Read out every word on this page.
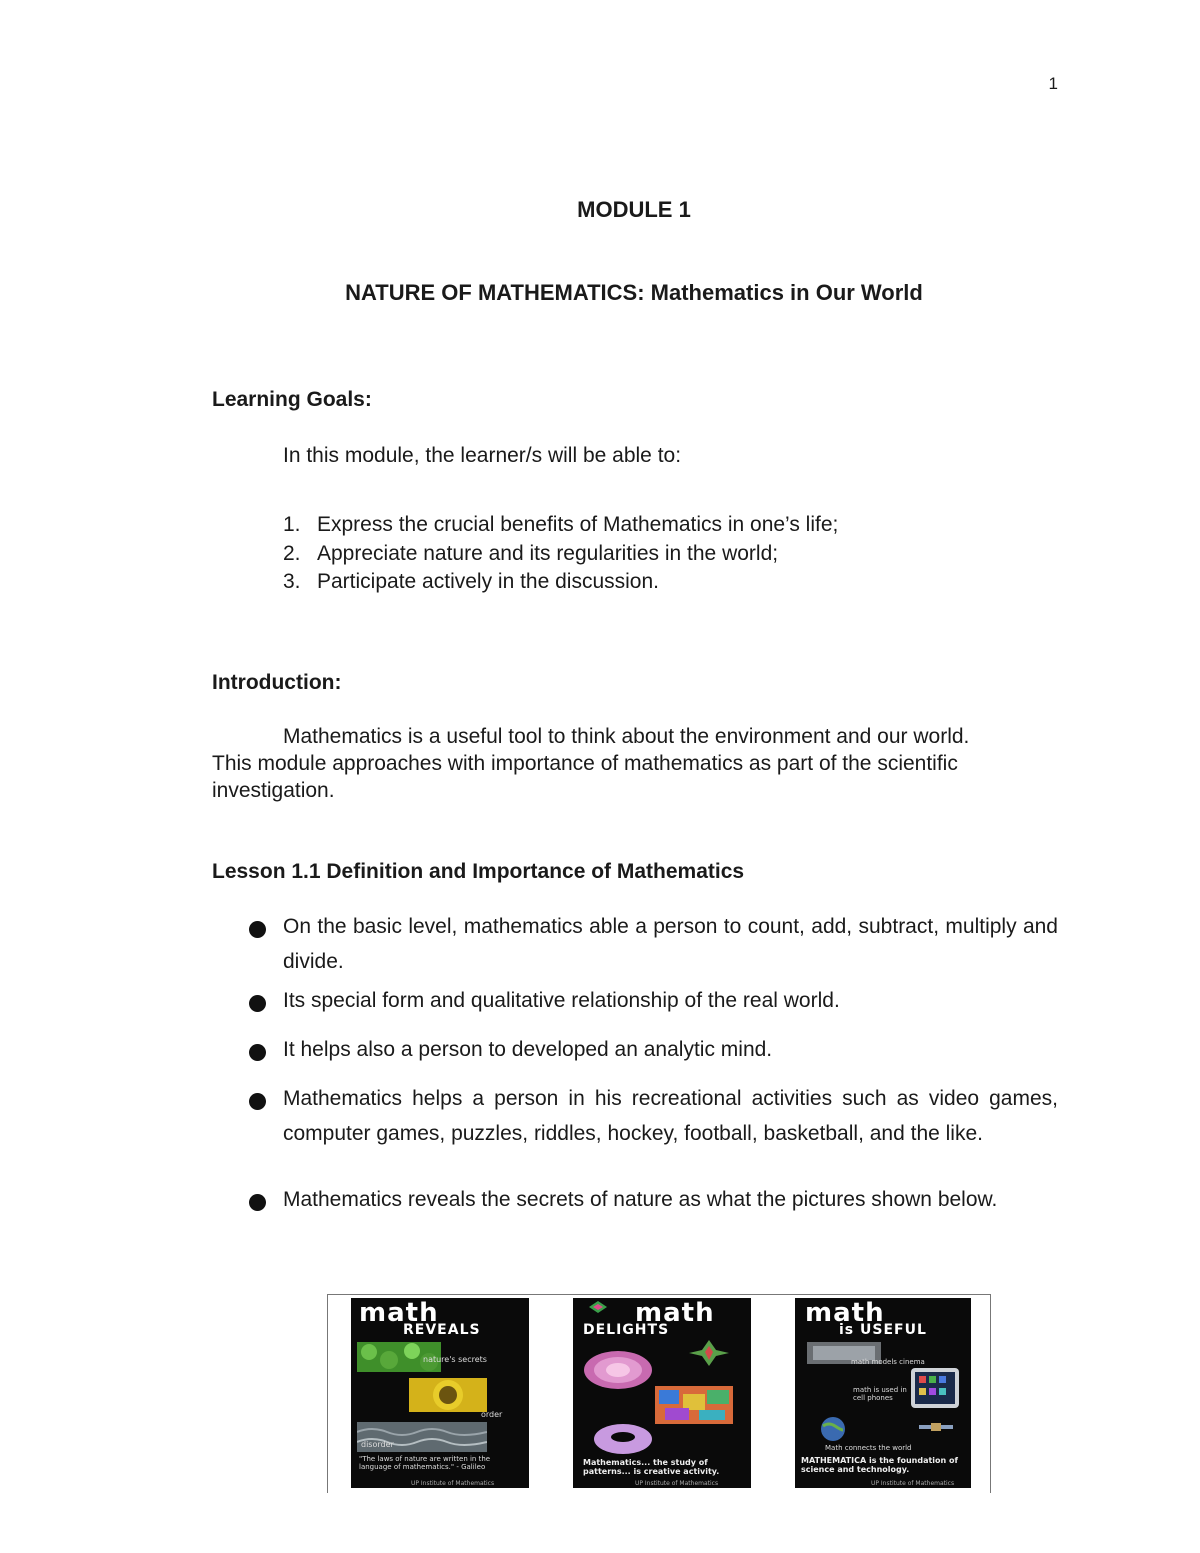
1
MODULE 1
NATURE OF MATHEMATICS: Mathematics in Our World
Learning Goals:
In this module, the learner/s will be able to:
1. Express the crucial benefits of Mathematics in one’s life;
2. Appreciate nature and its regularities in the world;
3. Participate actively in the discussion.
Introduction:
Mathematics is a useful tool to think about the environment and our world.
This module approaches with importance of mathematics as part of the scientific
investigation.
Lesson 1.1 Definition and Importance of Mathematics
On the basic level, mathematics able a person to count, add, subtract, multiply and divide.
Its special form and qualitative relationship of the real world.
It helps also a person to developed an analytic mind.
Mathematics helps a person in his recreational activities such as video games, computer games, puzzles, riddles, hockey, football, basketball, and the like.
Mathematics reveals the secrets of nature as what the pictures shown below.
math
REVEALS
nature's secrets
order
disorder
"The laws of nature are written in the language of mathematics." - Galileo
UP Institute of Mathematics
math
DELIGHTS
Mathematics... the study of patterns... is creative activity.
UP Institute of Mathematics
math
is USEFUL
math models cinema
math is used in cell phones
Math connects the world
MATHEMATICA is the foundation of science and technology.
UP Institute of Mathematics
